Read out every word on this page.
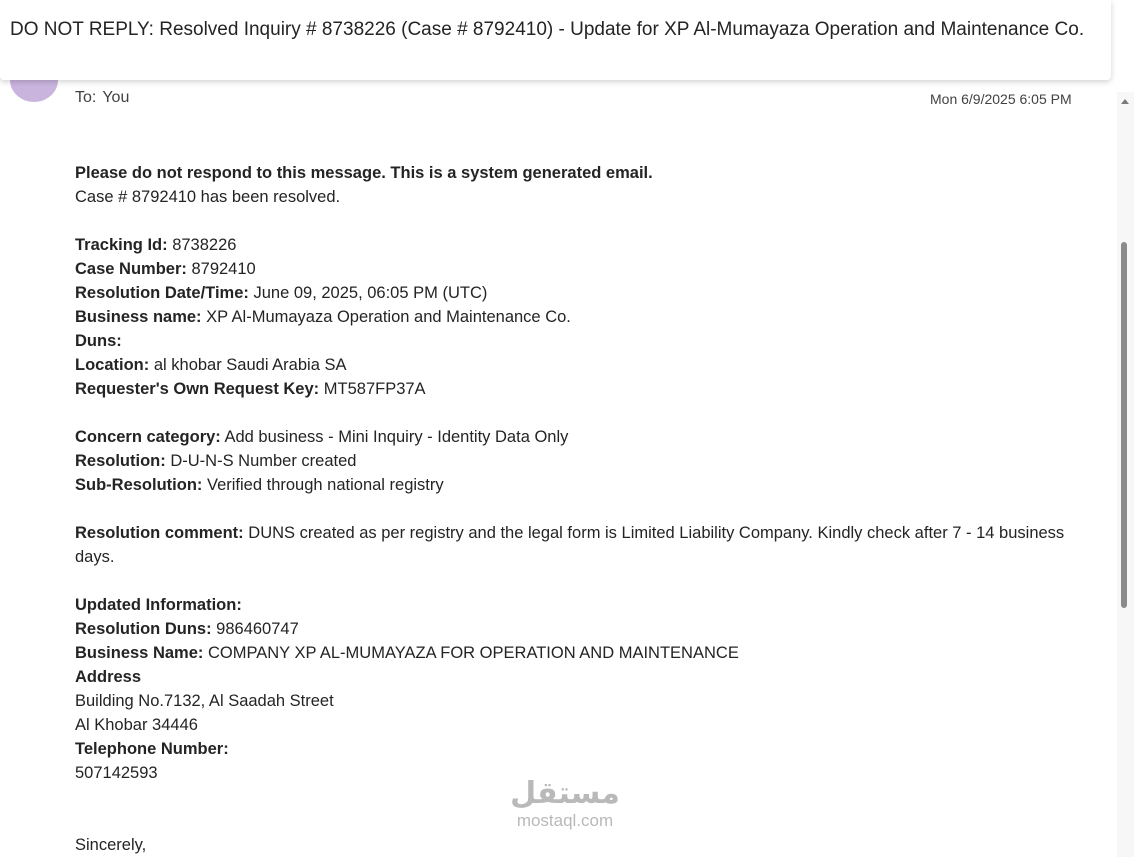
DO NOT REPLY: Resolved Inquiry # 8738226 (Case # 8792410) - Update for XP Al-Mumayaza Operation and Maintenance Co.
To: You	Mon 6/9/2025 6:05 PM
Please do not respond to this message. This is a system generated email.
Case # 8792410 has been resolved.
Tracking Id: 8738226
Case Number: 8792410
Resolution Date/Time: June 09, 2025, 06:05 PM (UTC)
Business name: XP Al-Mumayaza Operation and Maintenance Co.
Duns:
Location: al khobar Saudi Arabia SA
Requester's Own Request Key: MT587FP37A
Concern category: Add business - Mini Inquiry - Identity Data Only
Resolution: D-U-N-S Number created
Sub-Resolution: Verified through national registry
Resolution comment: DUNS created as per registry and the legal form is Limited Liability Company. Kindly check after 7 - 14 business days.
Updated Information:
Resolution Duns: 986460747
Business Name: COMPANY XP AL-MUMAYAZA FOR OPERATION AND MAINTENANCE
Address
Building No.7132, Al Saadah Street
Al Khobar 34446
Telephone Number:
507142593
Sincerely,
مستقل
mostaql.com
